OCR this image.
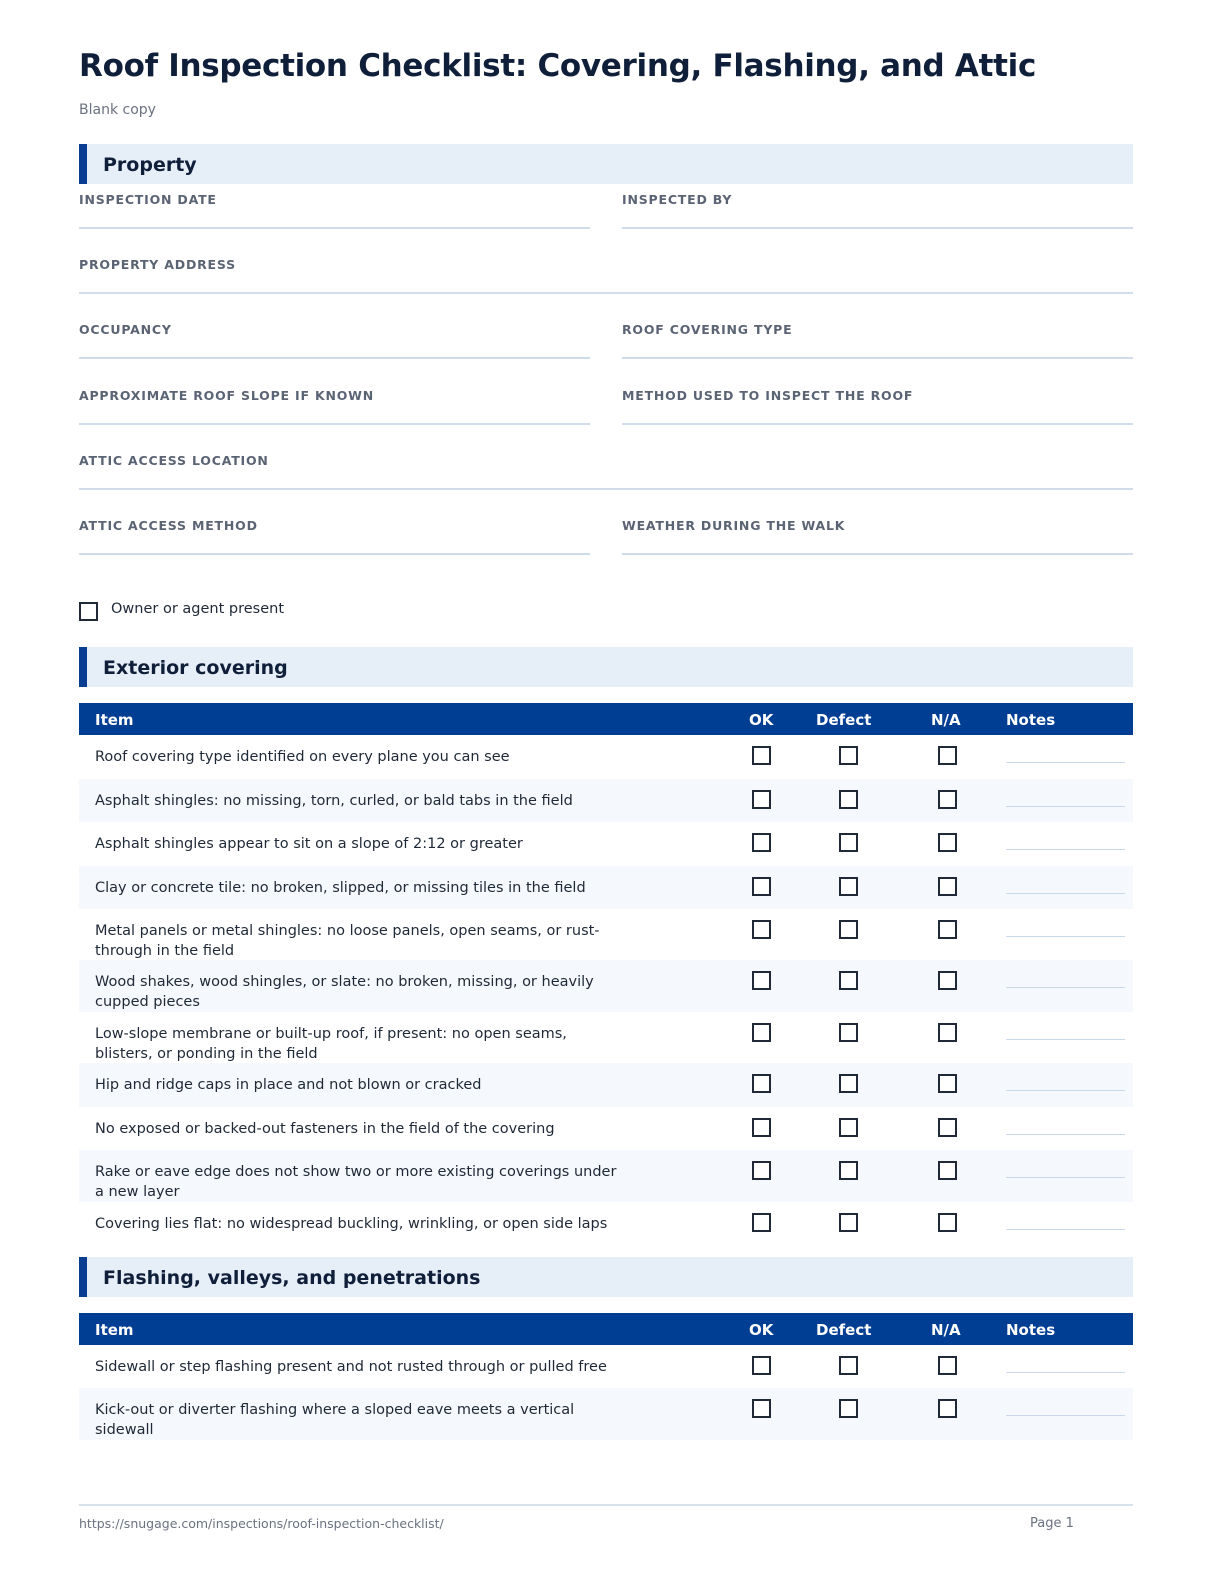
Roof Inspection Checklist: Covering, Flashing, and Attic
Blank copy
Property
INSPECTION DATE	INSPECTED BY
PROPERTY ADDRESS
OCCUPANCY	ROOF COVERING TYPE
APPROXIMATE ROOF SLOPE IF KNOWN	METHOD USED TO INSPECT THE ROOF
ATTIC ACCESS LOCATION
ATTIC ACCESS METHOD	WEATHER DURING THE WALK
Owner or agent present
Exterior covering
Item	OK	Defect	N/A	Notes
Roof covering type identified on every plane you can see
Asphalt shingles: no missing, torn, curled, or bald tabs in the field
Asphalt shingles appear to sit on a slope of 2:12 or greater
Clay or concrete tile: no broken, slipped, or missing tiles in the field
Metal panels or metal shingles: no loose panels, open seams, or rust-through in the field
Wood shakes, wood shingles, or slate: no broken, missing, or heavily cupped pieces
Low-slope membrane or built-up roof, if present: no open seams, blisters, or ponding in the field
Hip and ridge caps in place and not blown or cracked
No exposed or backed-out fasteners in the field of the covering
Rake or eave edge does not show two or more existing coverings under a new layer
Covering lies flat: no widespread buckling, wrinkling, or open side laps
Flashing, valleys, and penetrations
Item	OK	Defect	N/A	Notes
Sidewall or step flashing present and not rusted through or pulled free
Kick-out or diverter flashing where a sloped eave meets a vertical sidewall
https://snugage.com/inspections/roof-inspection-checklist/	Page 1
